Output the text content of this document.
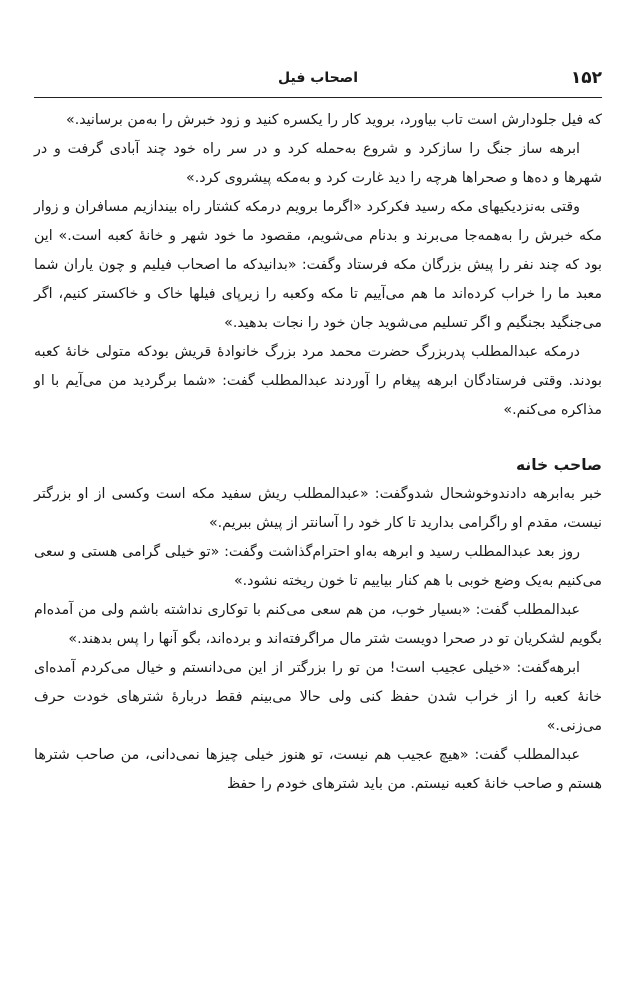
۱۵۲
اصحاب فیل

که فیل جلودارش است تاب بیاورد، بروید کار را یکسره کنید و زود خبرش را به‌من برسانید.»

ابرهه ساز جنگ را سازکرد و شروع به‌حمله کرد و در سر راه خود چند آبادی گرفت و در شهرها و ده‌ها و صحراها هرچه را دید غارت کرد و به‌مکه پیشروی کرد.»

وقتی به‌نزدیکیهای مکه رسید فکرکرد «اگرما برویم درمکه کشتار راه بیندازیم مسافران و زوار مکه خبرش را به‌همه‌جا می‌برند و بدنام می‌شویم، مقصود ما خود شهر و خانۀ کعبه است.» این بود که چند نفر را پیش بزرگان مکه فرستاد وگفت: «بدانیدکه ما اصحاب فیلیم و چون یاران شما معبد ما را خراب کرده‌اند ما هم می‌آییم تا مکه وکعبه را زیرپای فیلها خاک و خاکستر کنیم، اگر می‌جنگید بجنگیم و اگر تسلیم می‌شوید جان خود را نجات بدهید.»

درمکه عبدالمطلب پدربزرگ حضرت محمد مرد بزرگ خانوادۀ قریش بودکه متولی خانۀ کعبه بودند. وقتی فرستادگان ابرهه پیغام را آوردند عبدالمطلب گفت: «شما برگردید من می‌آیم با او مذاکره می‌کنم.»

صاحب خانه

خبر به‌ابرهه دادندوخوشحال شدوگفت: «عبدالمطلب ریش سفید مکه است وکسی از او بزرگتر نیست، مقدم او راگرامی بدارید تا کار خود را آسانتر از پیش ببریم.»

روز بعد عبدالمطلب رسید و ابرهه به‌او احترام‌گذاشت وگفت: «تو خیلی گرامی هستی و سعی می‌کنیم به‌یک وضع خوبی با هم کنار بیاییم تا خون ریخته نشود.»

عبدالمطلب گفت: «بسیار خوب، من هم سعی می‌کنم با توکاری نداشته باشم ولی من آمده‌ام بگویم لشکریان تو در صحرا دویست شتر مال مراگرفته‌اند و برده‌اند، بگو آنها را پس بدهند.»

ابرهه‌گفت: «خیلی عجیب است! من تو را بزرگتر از این می‌دانستم و خیال می‌کردم آمده‌ای خانۀ کعبه را از خراب شدن حفظ کنی ولی حالا می‌بینم فقط دربارۀ شترهای خودت حرف می‌زنی.»

عبدالمطلب گفت: «هیچ عجیب هم نیست، تو هنوز خیلی چیزها نمی‌دانی، من صاحب شترها هستم و صاحب خانۀ کعبه نیستم. من باید شترهای خودم را حفظ
